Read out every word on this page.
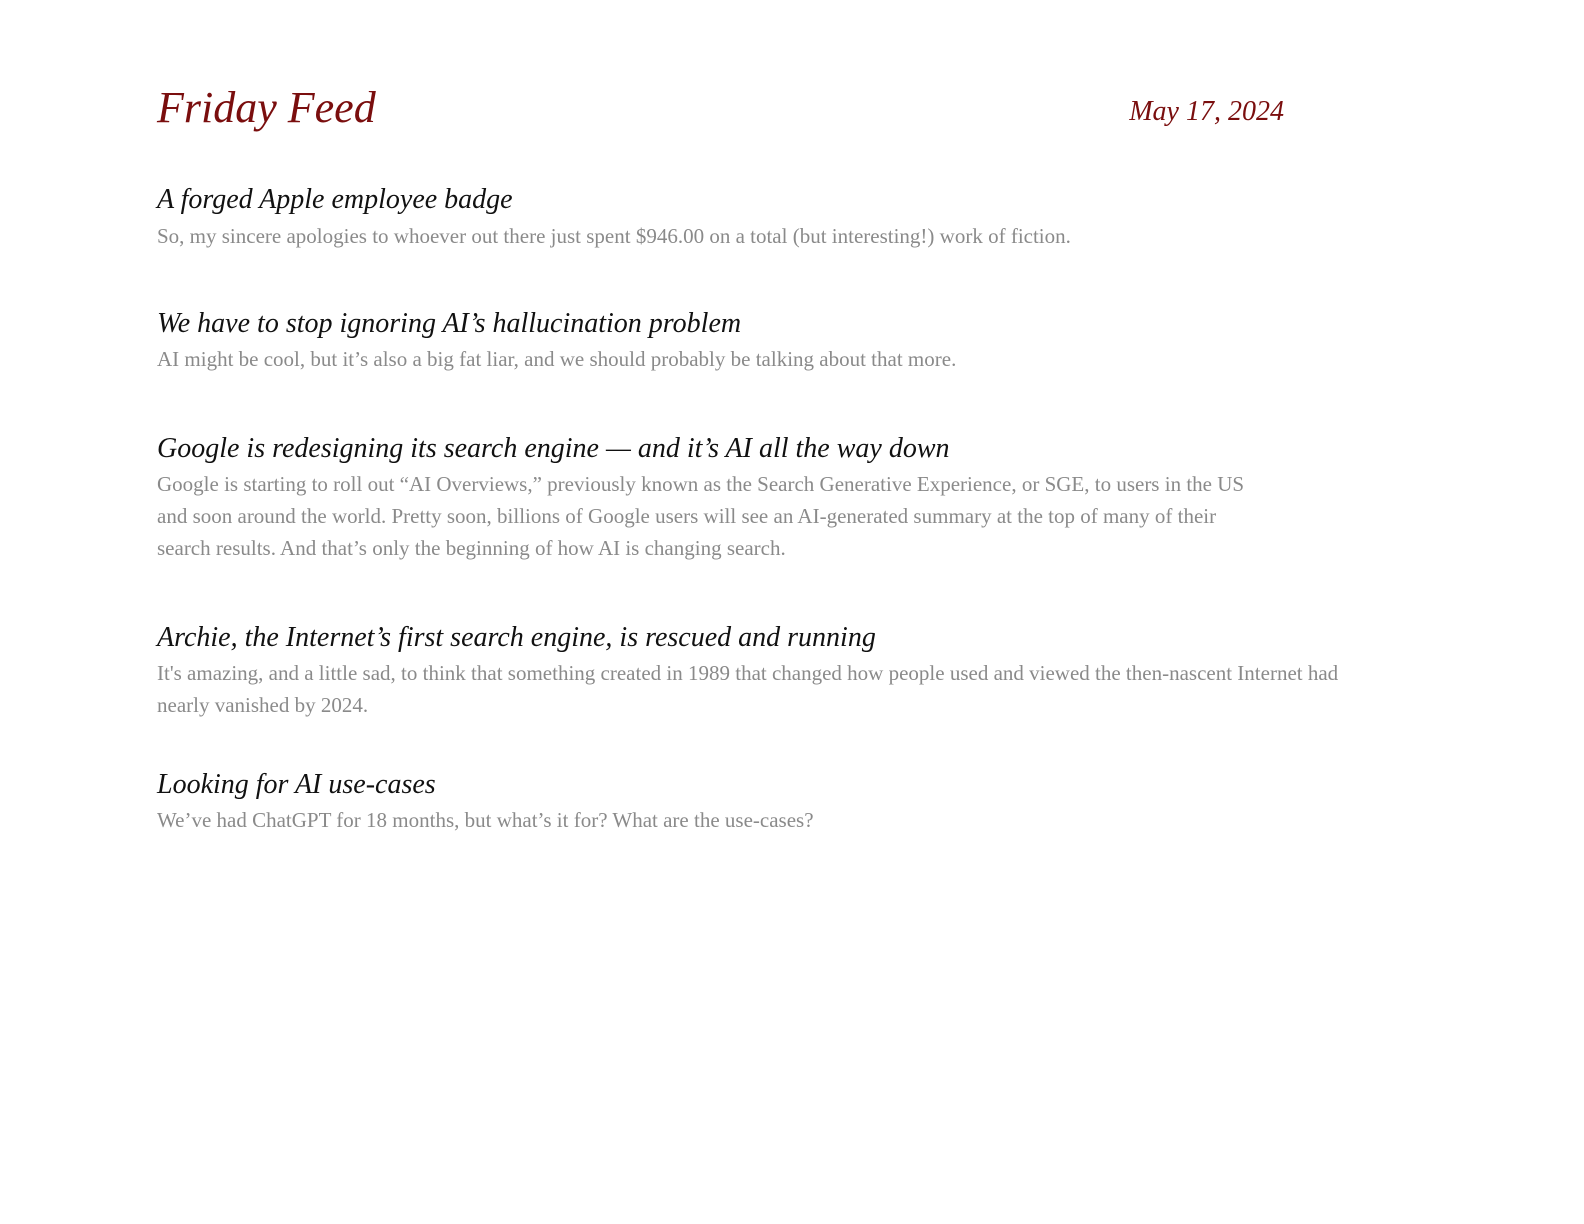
Friday Feed	May 17, 2024
A forged Apple employee badge

So, my sincere apologies to whoever out there just spent $946.00 on a total (but interesting!) work of fiction.

We have to stop ignoring AI’s hallucination problem

AI might be cool, but it’s also a big fat liar, and we should probably be talking about that more.

Google is redesigning its search engine — and it’s AI all the way down

Google is starting to roll out “AI Overviews,” previously known as the Search Generative Experience, or SGE, to users in the US and soon around the world. Pretty soon, billions of Google users will see an AI-generated summary at the top of many of their search results. And that’s only the beginning of how AI is changing search.

Archie, the Internet’s first search engine, is rescued and running

It's amazing, and a little sad, to think that something created in 1989 that changed how people used and viewed the then-nascent Internet had nearly vanished by 2024.

Looking for AI use-cases

We’ve had ChatGPT for 18 months, but what’s it for? What are the use-cases?
